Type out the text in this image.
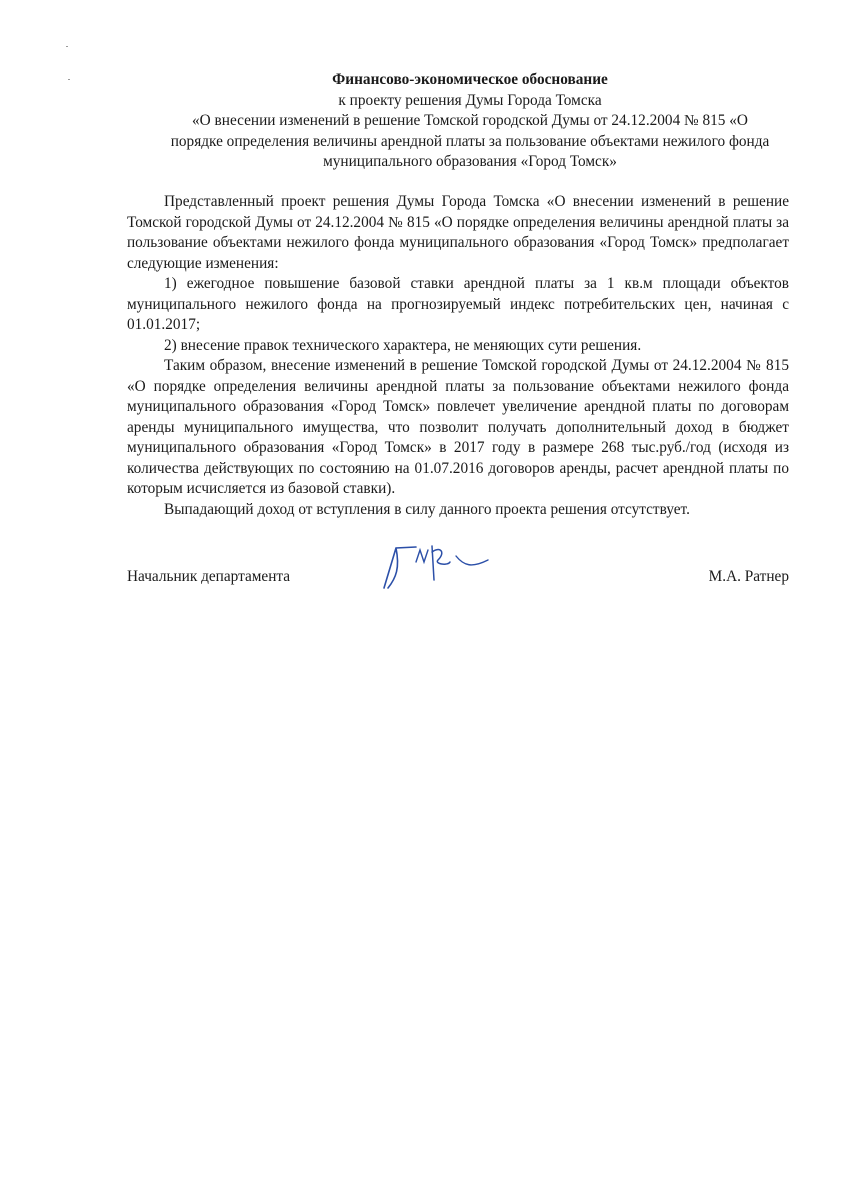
Финансово-экономическое обоснование
к проекту решения Думы Города Томска
«О внесении изменений в решение Томской городской Думы от 24.12.2004 № 815 «О
порядке определения величины арендной платы за пользование объектами нежилого фонда
муниципального образования «Город Томск»

Представленный проект решения Думы Города Томска «О внесении изменений в решение Томской городской Думы от 24.12.2004 № 815 «О порядке определения величины арендной платы за пользование объектами нежилого фонда муниципального образования «Город Томск» предполагает следующие изменения:

1) ежегодное повышение базовой ставки арендной платы за 1 кв.м площади объектов муниципального нежилого фонда на прогнозируемый индекс потребительских цен, начиная с 01.01.2017;

2) внесение правок технического характера, не меняющих сути решения.

Таким образом, внесение изменений в решение Томской городской Думы от 24.12.2004 № 815 «О порядке определения величины арендной платы за пользование объектами нежилого фонда муниципального образования «Город Томск» повлечет увеличение арендной платы по договорам аренды муниципального имущества, что позволит получать дополнительный доход в бюджет муниципального образования «Город Томск» в 2017 году в размере 268 тыс.руб./год (исходя из количества действующих по состоянию на 01.07.2016 договоров аренды, расчет арендной платы по которым исчисляется из базовой ставки).

Выпадающий доход от вступления в силу данного проекта решения отсутствует.

Начальник департамента	М.А. Ратнер
